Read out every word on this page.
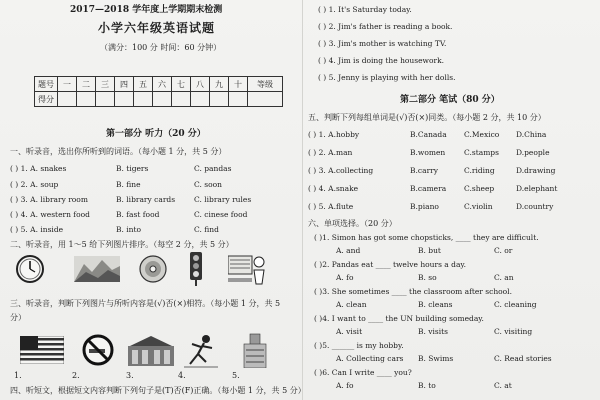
2017—2018 学年度上学期期末检测
小学六年级英语试题
（满分：100 分 时间：60 分钟）
题号	一	二	三	四	五	六	七	八	九	十	等级
得分											
第一部分 听力（20 分）
一、听录音，选出你所听到的词语。（每小题 1 分，共 5 分）
( ) 1. A. snakes	B. tigers	C. pandas
( ) 2. A. soup	B. fine	C. soon
( ) 3. A. library room	B. library cards	C. library rules
( ) 4. A. western food	B. fast food	C. cinese food
( ) 5. A. inside	B. into	C. find
二、听录音，用 1～5 给下列图片排序。（每空 2 分，共 5 分）
三、听录音，判断下列图片与所听内容是(√)否(×)相符。（每小题 1 分，共 5
分）
1.	2.	3.	4.	5.
四、听短文，根据短文内容判断下列句子是(T)否(F)正确。（每小题 1 分，共 5 分）
( ) 1. It's Saturday today.
( ) 2. Jim's father is reading a book.
( ) 3. Jim's mother is watching TV.
( ) 4. Jim is doing the housework.
( ) 5. Jenny is playing with her dolls.
第二部分 笔试（80 分）
五、判断下列每组单词是(√)否(×)同类。（每小题 2 分，共 10 分）
( ) 1. A.hobby	B.Canada C.Mexico D.China
( ) 2. A.man	B.women	C.stamps D.people
( ) 3. A.collecting	B.carry	C.riding	D.drawing
( ) 4. A.snake	B.camera C.sheep	D.elephant
( ) 5. A.flute	B.piano	C.violin	D.country
六、单项选择。（20 分）
( )1. Simon has got some chopsticks, ____ they are difficult.
A. and	B. but	C. or
( )2. Pandas eat ____ twelve hours a day.
A. fo	B. so	C. an
( )3. She sometimes ____ the classroom after school.
A. clean	B. cleans	C. cleaning
( )4. I want to ____ the UN building someday.
A. visit	B. visits	C. visiting
( )5. ______ is my hobby.
A. Collecting cars B. Swims	C. Read stories
( )6. Can I write ____ you?
A. fo	B. to	C. at
